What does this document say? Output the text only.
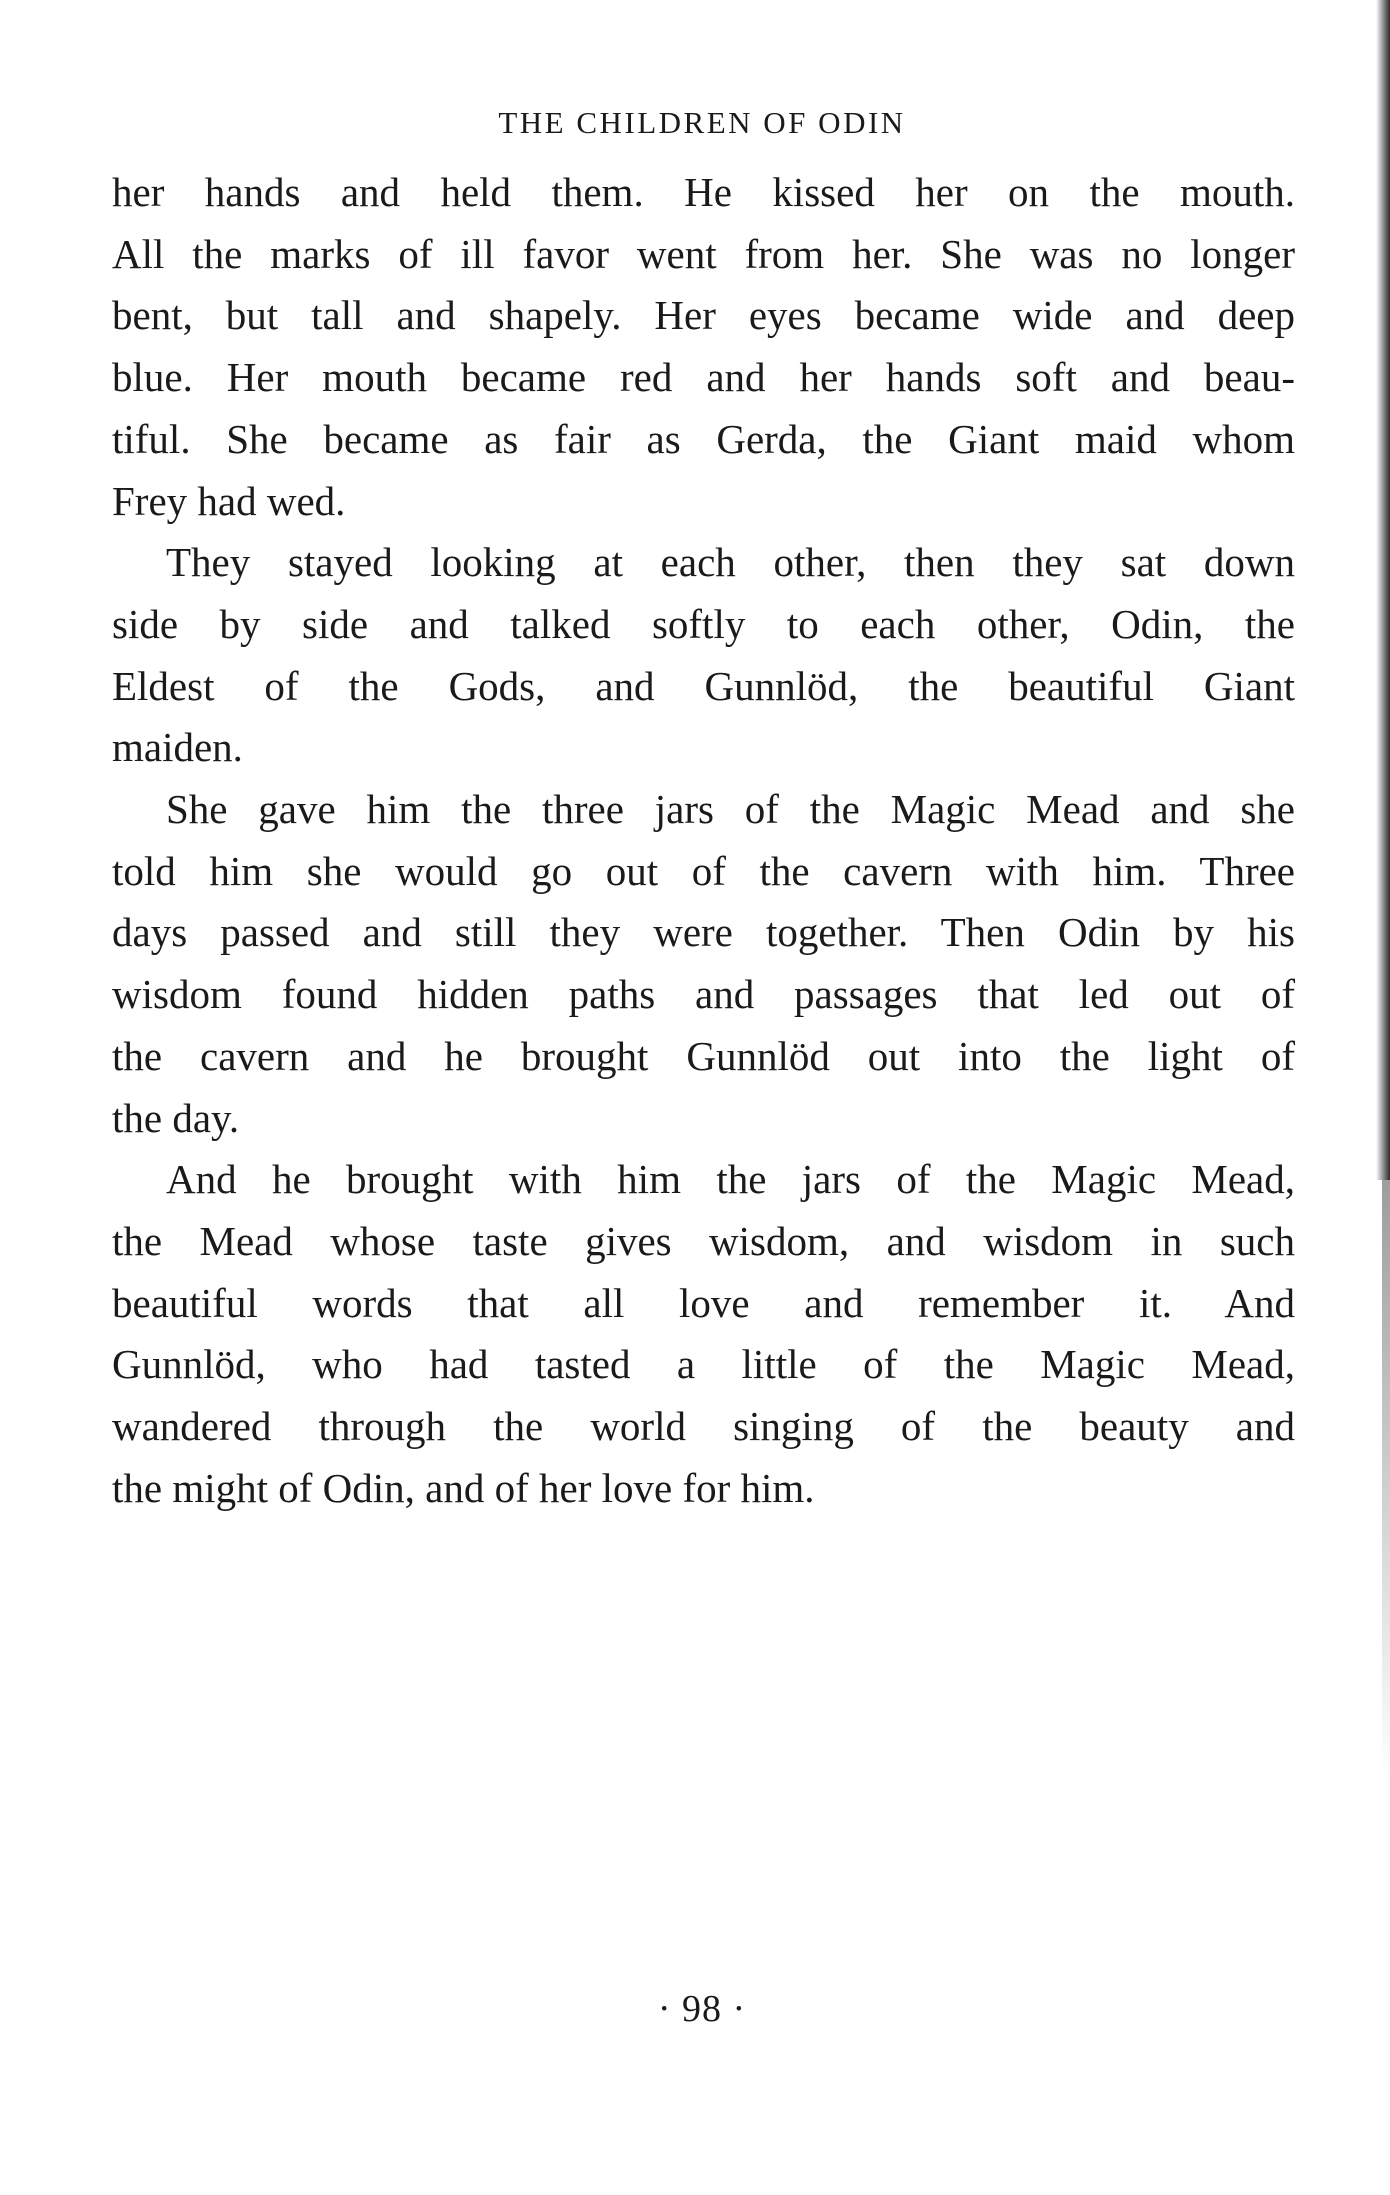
THE CHILDREN OF ODIN

her hands and held them. He kissed her on the mouth.
All the marks of ill favor went from her. She was no longer
bent, but tall and shapely. Her eyes became wide and deep
blue. Her mouth became red and her hands soft and beau-
tiful. She became as fair as Gerda, the Giant maid whom
Frey had wed.

They stayed looking at each other, then they sat down
side by side and talked softly to each other, Odin, the
Eldest of the Gods, and Gunnlöd, the beautiful Giant
maiden.

She gave him the three jars of the Magic Mead and she
told him she would go out of the cavern with him. Three
days passed and still they were together. Then Odin by his
wisdom found hidden paths and passages that led out of
the cavern and he brought Gunnlöd out into the light of
the day.

And he brought with him the jars of the Magic Mead,
the Mead whose taste gives wisdom, and wisdom in such
beautiful words that all love and remember it. And
Gunnlöd, who had tasted a little of the Magic Mead,
wandered through the world singing of the beauty and
the might of Odin, and of her love for him.

· 98 ·
